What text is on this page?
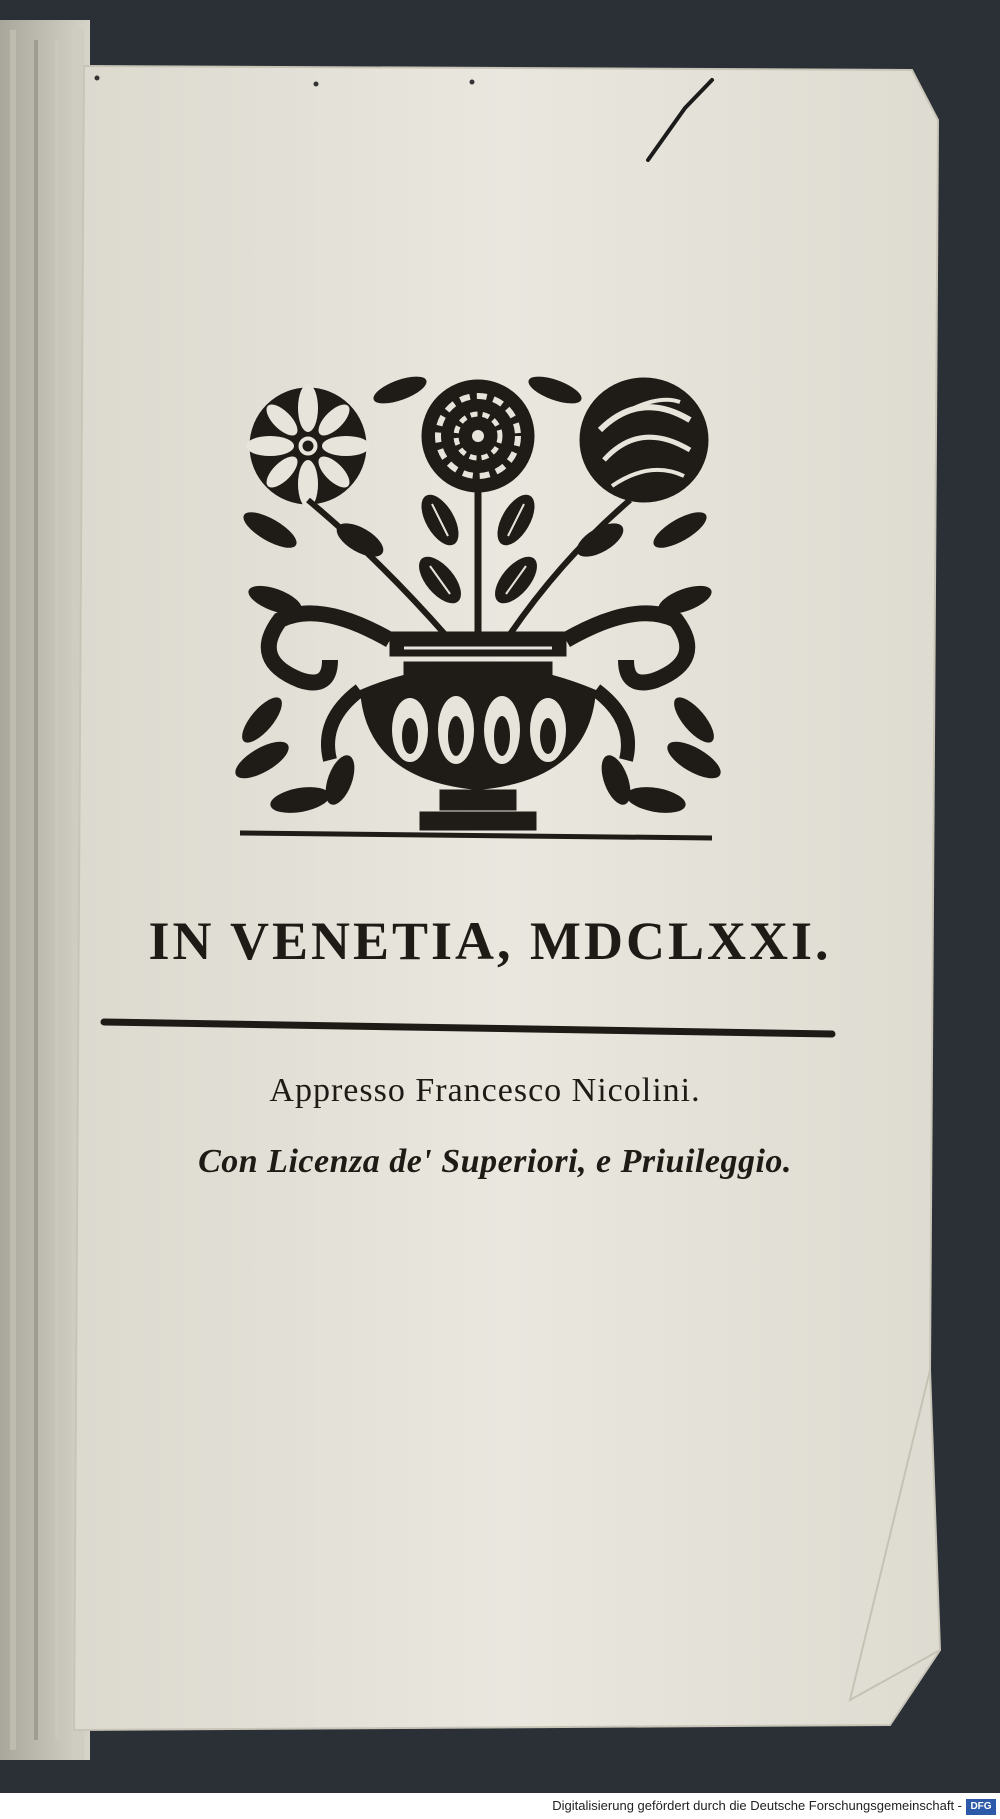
IN VENETIA, MDCLXXI.
Appresso Francesco Nicolini.
Con Licenza de' Superiori, e Priuileggio.
Digitalisierung gefördert durch die Deutsche Forschungsgemeinschaft - DFG
